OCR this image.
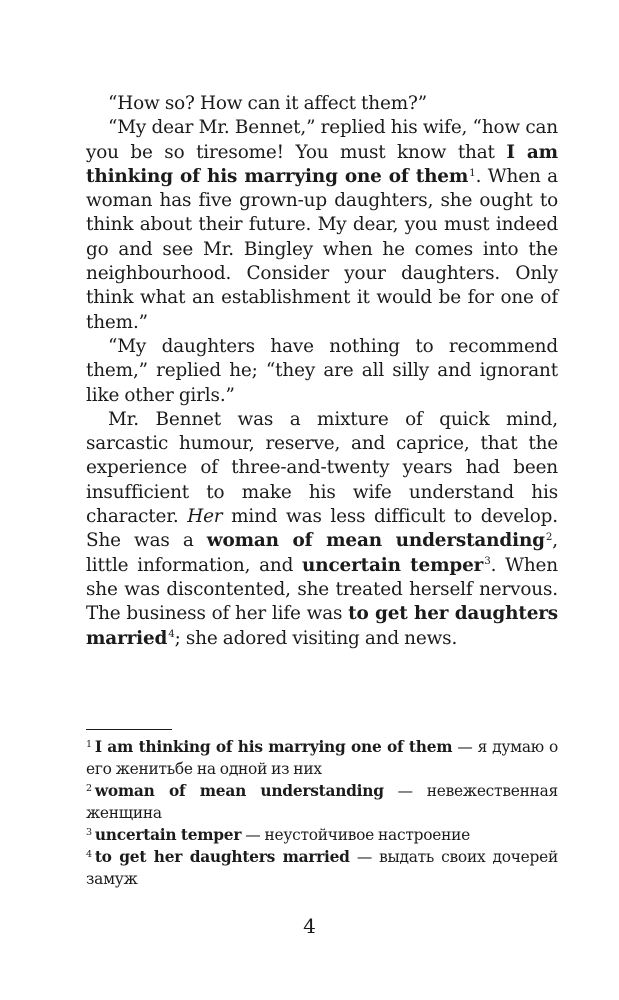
“How so? How can it affect them?”

“My dear Mr. Bennet,” replied his wife, “how can you be so tiresome! You must know that I am thinking of his marrying one of them$^1$. When a woman has five grown-up daughters, she ought to think about their future. My dear, you must indeed go and see Mr. Bingley when he comes into the neighbourhood. Consider your daughters. Only think what an establishment it would be for one of them.”

“My daughters have nothing to recommend them,” replied he; “they are all silly and ignorant like other girls.”

Mr. Bennet was a mixture of quick mind, sarcastic humour, reserve, and caprice, that the experience of three-and-twenty years had been insufficient to make his wife understand his character. Her mind was less difficult to develop. She was a woman of mean understanding$^2$, little information, and uncertain temper$^3$. When she was discontented, she treated herself nervous. The business of her life was to get her daughters married$^4$; she adored visiting and news.

$^1$ I am thinking of his marrying one of them — я думаю о его женитьбе на одной из них

$^2$ woman of mean understanding — невежественная женщина

$^3$ uncertain temper — неустойчивое настроение

$^4$ to get her daughters married — выдать своих дочерей замуж

4
